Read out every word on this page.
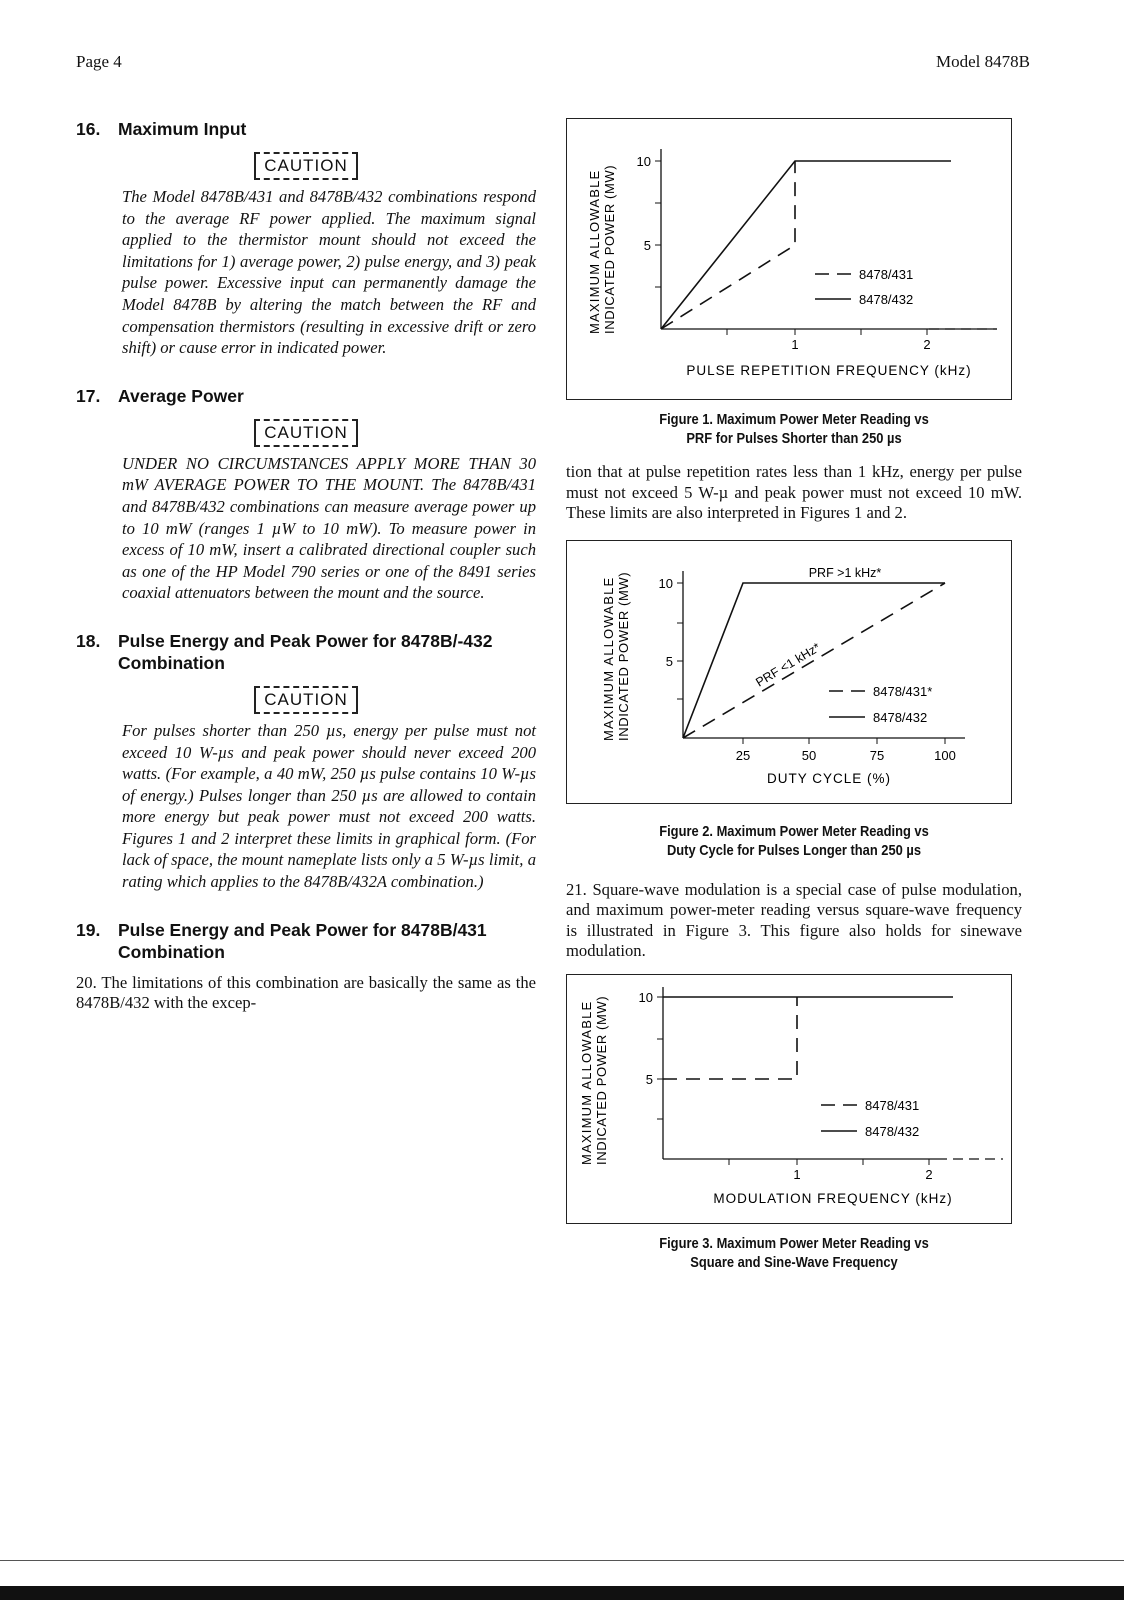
Page 4	Model 8478B
16.	Maximum Input
CAUTION

The Model 8478B/431 and 8478B/432 combinations respond to the average RF power applied. The maximum signal applied to the thermistor mount should not exceed the limitations for 1) average power, 2) pulse energy, and 3) peak pulse power. Excessive input can permanently damage the Model 8478B by altering the match between the RF and compensation thermistors (resulting in excessive drift or zero shift) or cause error in indicated power.

17.	Average Power
CAUTION

UNDER NO CIRCUMSTANCES APPLY MORE THAN 30 mW AVERAGE POWER TO THE MOUNT. The 8478B/431 and 8478B/432 combinations can measure average power up to 10 mW (ranges 1 µW to 10 mW). To measure power in excess of 10 mW, insert a calibrated directional coupler such as one of the HP Model 790 series or one of the 8491 series coaxial attenuators between the mount and the source.

18.	Pulse Energy and Peak Power for 8478B/-432 Combination
CAUTION

For pulses shorter than 250 µs, energy per pulse must not exceed 10 W-µs and peak power should never exceed 200 watts. (For example, a 40 mW, 250 µs pulse contains 10 W-µs of energy.) Pulses longer than 250 µs are allowed to contain more energy but peak power must not exceed 200 watts. Figures 1 and 2 interpret these limits in graphical form. (For lack of space, the mount nameplate lists only a 5 W-µs limit, a rating which applies to the 8478B/432A combination.)

19.	Pulse Energy and Peak Power for 8478B/431 Combination

20. The limitations of this combination are basically the same as the 8478B/432 with the excep-

MAXIMUM ALLOWABLE INDICATED POWER (MW)
10
5
1	2
8478/431
8478/432
PULSE REPETITION FREQUENCY (kHz)
Figure 1. Maximum Power Meter Reading vs
PRF for Pulses Shorter than 250 µs

tion that at pulse repetition rates less than 1 kHz, energy per pulse must not exceed 5 W-µ and peak power must not exceed 10 mW. These limits are also interpreted in Figures 1 and 2.

MAXIMUM ALLOWABLE INDICATED POWER (MW) 10
5
25	50	75	100
PRF >1 kHz*
PRF <1 kHz*
8478/431*
8478/432
DUTY CYCLE (%)
Figure 2. Maximum Power Meter Reading vs
Duty Cycle for Pulses Longer than 250 µs

21. Square-wave modulation is a special case of pulse modulation, and maximum power-meter reading versus square-wave frequency is illustrated in Figure 3. This figure also holds for sinewave modulation.

MAXIMUM ALLOWABLE INDICATED POWER (MW) 10
5
1	2
8478/431
8478/432
MODULATION FREQUENCY (kHz)
Figure 3. Maximum Power Meter Reading vs
Square and Sine-Wave Frequency
